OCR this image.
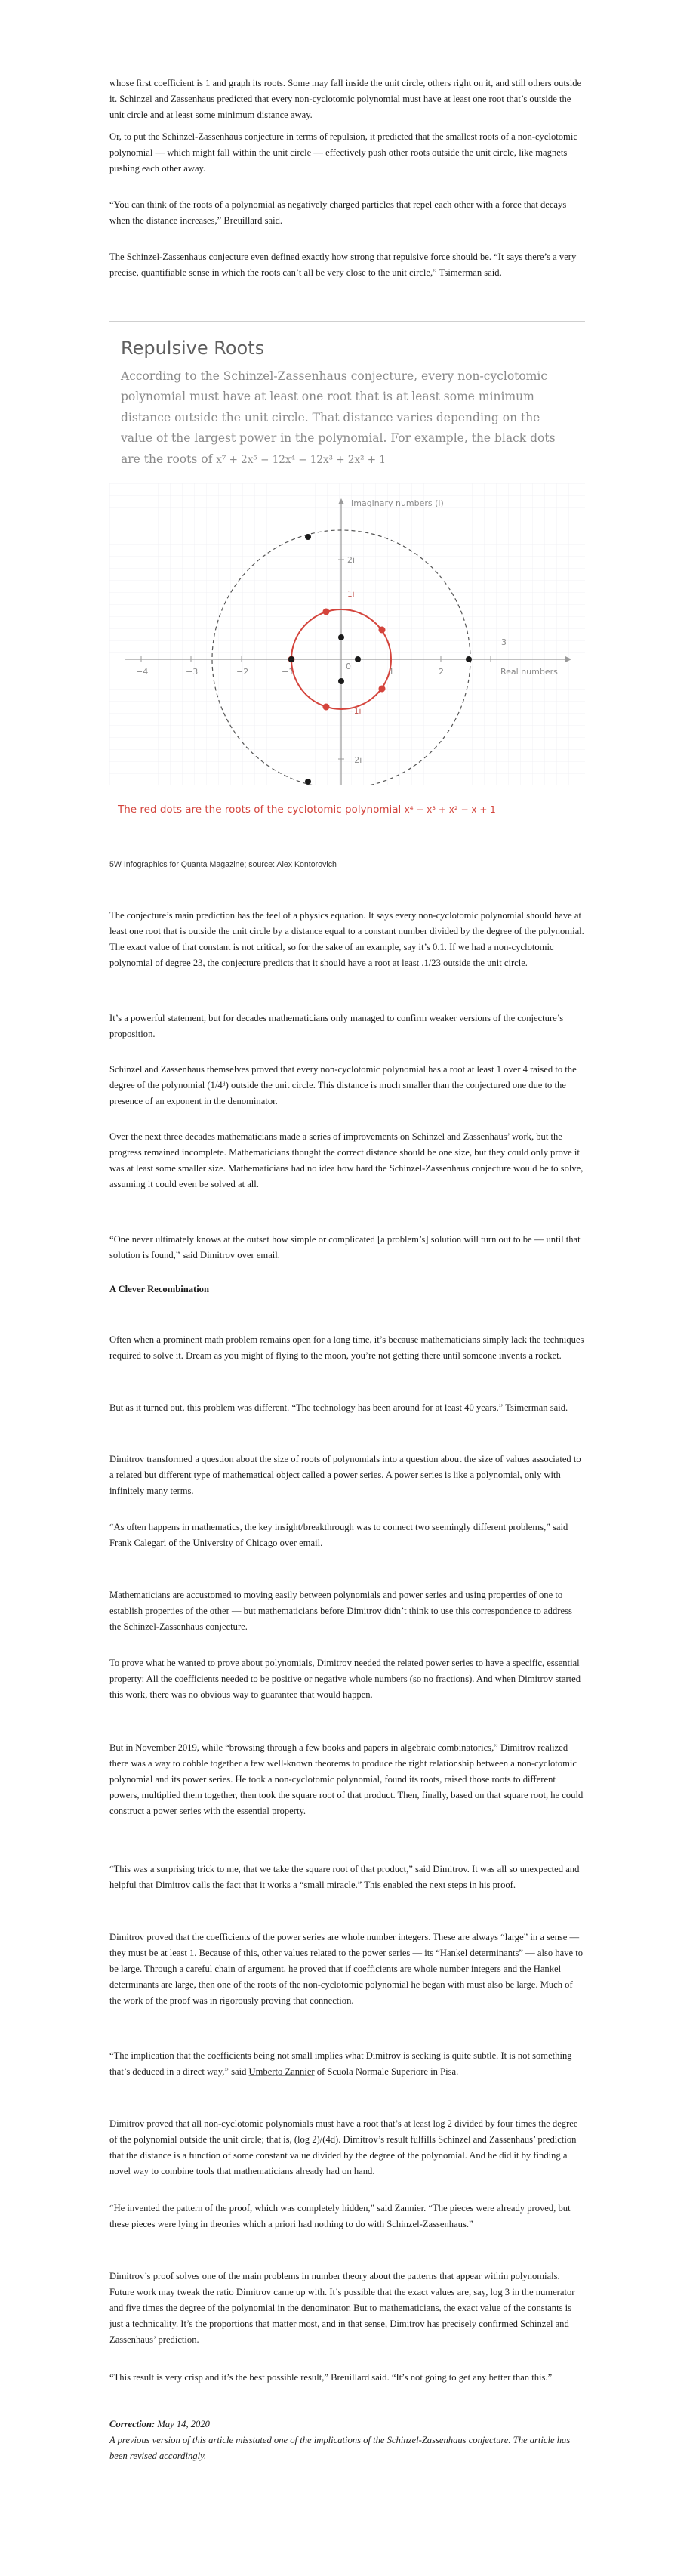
whose first coefficient is 1 and graph its roots. Some may fall inside the unit circle, others right on it, and still others outside it. Schinzel and Zassenhaus predicted that every non-cyclotomic polynomial must have at least one root that’s outside the unit circle and at least some minimum distance away.

Or, to put the Schinzel-Zassenhaus conjecture in terms of repulsion, it predicted that the smallest roots of a non-cyclotomic polynomial — which might fall within the unit circle — effectively push other roots outside the unit circle, like magnets pushing each other away.

“You can think of the roots of a polynomial as negatively charged particles that repel each other with a force that decays when the distance increases,” Breuillard said.

The Schinzel-Zassenhaus conjecture even defined exactly how strong that repulsive force should be. “It says there’s a very precise, quantifiable sense in which the roots can’t all be very close to the unit circle,” Tsimerman said.

Repulsive Roots

According to the Schinzel-Zassenhaus conjecture, every non-cyclotomic polynomial must have at least one root that is at least some minimum distance outside the unit circle. That distance varies depending on the value of the largest power in the polynomial. For example, the black dots are the roots of x⁷ + 2x⁵ − 12x⁴ − 12x³ + 2x² + 1

−4	−3	−2	−1	1	2
3
2i
1i
0
−1i
−2i
Imaginary numbers (i)
Real numbers
The red dots are the roots of the cyclotomic polynomial x⁴ − x³ + x² − x + 1
5W Infographics for Quanta Magazine; source: Alex Kontorovich

The conjecture’s main prediction has the feel of a physics equation. It says every non-cyclotomic polynomial should have at least one root that is outside the unit circle by a distance equal to a constant number divided by the degree of the polynomial. The exact value of that constant is not critical, so for the sake of an example, say it’s 0.1. If we had a non-cyclotomic polynomial of degree 23, the conjecture predicts that it should have a root at least .1/23 outside the unit circle.

It’s a powerful statement, but for decades mathematicians only managed to confirm weaker versions of the conjecture’s proposition.

Schinzel and Zassenhaus themselves proved that every non-cyclotomic polynomial has a root at least 1 over 4 raised to the degree of the polynomial (1/4ᵈ) outside the unit circle. This distance is much smaller than the conjectured one due to the presence of an exponent in the denominator.

Over the next three decades mathematicians made a series of improvements on Schinzel and Zassenhaus’ work, but the progress remained incomplete. Mathematicians thought the correct distance should be one size, but they could only prove it was at least some smaller size. Mathematicians had no idea how hard the Schinzel-Zassenhaus conjecture would be to solve, assuming it could even be solved at all.

“One never ultimately knows at the outset how simple or complicated [a problem’s] solution will turn out to be — until that solution is found,” said Dimitrov over email.

A Clever Recombination

Often when a prominent math problem remains open for a long time, it’s because mathematicians simply lack the techniques required to solve it. Dream as you might of flying to the moon, you’re not getting there until someone invents a rocket.

But as it turned out, this problem was different. “The technology has been around for at least 40 years,” Tsimerman said.

Dimitrov transformed a question about the size of roots of polynomials into a question about the size of values associated to a related but different type of mathematical object called a power series. A power series is like a polynomial, only with infinitely many terms.

“As often happens in mathematics, the key insight/breakthrough was to connect two seemingly different problems,” said Frank Calegari of the University of Chicago over email.

Mathematicians are accustomed to moving easily between polynomials and power series and using properties of one to establish properties of the other — but mathematicians before Dimitrov didn’t think to use this correspondence to address the Schinzel-Zassenhaus conjecture.

To prove what he wanted to prove about polynomials, Dimitrov needed the related power series to have a specific, essential property: All the coefficients needed to be positive or negative whole numbers (so no fractions). And when Dimitrov started this work, there was no obvious way to guarantee that would happen.

But in November 2019, while “browsing through a few books and papers in algebraic combinatorics,” Dimitrov realized there was a way to cobble together a few well-known theorems to produce the right relationship between a non-cyclotomic polynomial and its power series. He took a non-cyclotomic polynomial, found its roots, raised those roots to different powers, multiplied them together, then took the square root of that product. Then, finally, based on that square root, he could construct a power series with the essential property.

“This was a surprising trick to me, that we take the square root of that product,” said Dimitrov. It was all so unexpected and helpful that Dimitrov calls the fact that it works a “small miracle.” This enabled the next steps in his proof.

Dimitrov proved that the coefficients of the power series are whole number integers. These are always “large” in a sense — they must be at least 1. Because of this, other values related to the power series — its “Hankel determinants” — also have to be large. Through a careful chain of argument, he proved that if coefficients are whole number integers and the Hankel determinants are large, then one of the roots of the non-cyclotomic polynomial he began with must also be large. Much of the work of the proof was in rigorously proving that connection.

“The implication that the coefficients being not small implies what Dimitrov is seeking is quite subtle. It is not something that’s deduced in a direct way,” said Umberto Zannier of Scuola Normale Superiore in Pisa.

Dimitrov proved that all non-cyclotomic polynomials must have a root that’s at least log 2 divided by four times the degree of the polynomial outside the unit circle; that is, (log 2)/(4d). Dimitrov’s result fulfills Schinzel and Zassenhaus’ prediction that the distance is a function of some constant value divided by the degree of the polynomial. And he did it by finding a novel way to combine tools that mathematicians already had on hand.

“He invented the pattern of the proof, which was completely hidden,” said Zannier. “The pieces were already proved, but these pieces were lying in theories which a priori had nothing to do with Schinzel-Zassenhaus.”

Dimitrov’s proof solves one of the main problems in number theory about the patterns that appear within polynomials. Future work may tweak the ratio Dimitrov came up with. It’s possible that the exact values are, say, log 3 in the numerator and five times the degree of the polynomial in the denominator. But to mathematicians, the exact value of the constants is just a technicality. It’s the proportions that matter most, and in that sense, Dimitrov has precisely confirmed Schinzel and Zassenhaus’ prediction.

“This result is very crisp and it’s the best possible result,” Breuillard said. “It’s not going to get any better than this.”

Correction: May 14, 2020

A previous version of this article misstated one of the implications of the Schinzel-Zassenhaus conjecture. The article has been revised accordingly.
